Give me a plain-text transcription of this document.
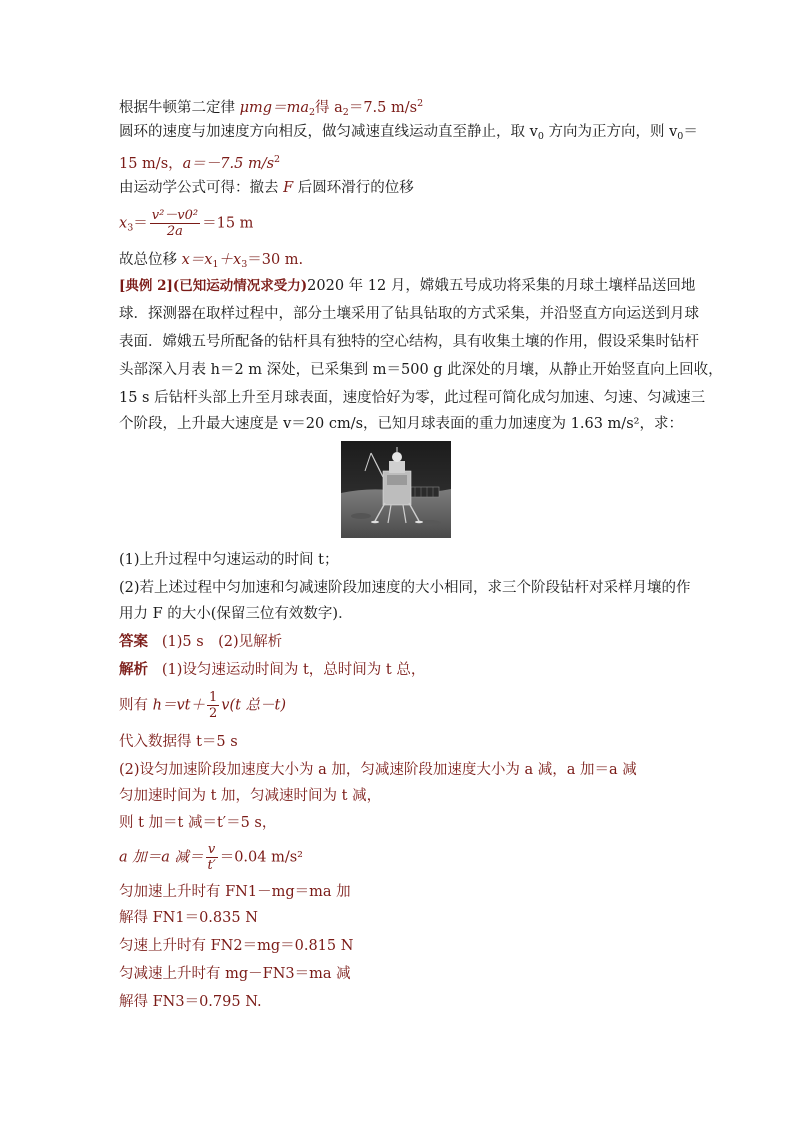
根据牛顿第二定律 $\mu mg=ma_2$得 $a_2=7.5$ $m/s^2$
圆环的速度与加速度方向相反，做匀减速直线运动直至静止，取 $v_0$ 方向为正方向，则 $v_0=$
15 m/s，a＝－7.5 $m/s^2$
由运动学公式可得：撤去 F 后圆环滑行的位移
$x_3= \frac{\text{v²－v0²}}{2a} =15$ m
故总位移 $x=x_1+x_3=30$ m.
[典例 2](已知运动情况求受力)2020 年 12 月，嫦娥五号成功将采集的月球土壤样品送回地
球．探测器在取样过程中，部分土壤采用了钻具钻取的方式采集，并沿竖直方向运送到月球
表面．嫦娥五号所配备的钻杆具有独特的空心结构，具有收集土壤的作用，假设采集时钻杆
头部深入月表 h＝2 m 深处，已采集到 m＝500 g 此深处的月壤，从静止开始竖直向上回收，
15 s 后钻杆头部上升至月球表面，速度恰好为零，此过程可简化成匀加速、匀速、匀减速三
个阶段，上升最大速度是 v＝20 cm/s，已知月球表面的重力加速度为 1.63 m/s²，求：
(1)上升过程中匀速运动的时间 t；
(2)若上述过程中匀加速和匀减速阶段加速度的大小相同，求三个阶段钻杆对采样月壤的作
用力 F 的大小(保留三位有效数字)．
答案 (1)5 s　(2)见解析
解析 (1)设匀速运动时间为 t，总时间为 t 总，
则有 $h=vt+ \frac{1}{2} v(t$ 总－t)
代入数据得 t＝5 s
(2)设匀加速阶段加速度大小为 a 加，匀减速阶段加速度大小为 a 减，a 加＝a 减
匀加速时间为 t 加，匀减速时间为 t 减，
则 t 加＝t 减＝t′＝5 s，
a 加＝a 减＝ $\frac{v}{t'} =0.04$ m/s²
匀加速上升时有 FN1－mg＝ma 加
解得 FN1＝0.835 N
匀速上升时有 FN2＝mg＝0.815 N
匀减速上升时有 mg－FN3＝ma 减
解得 FN3＝0.795 N.
